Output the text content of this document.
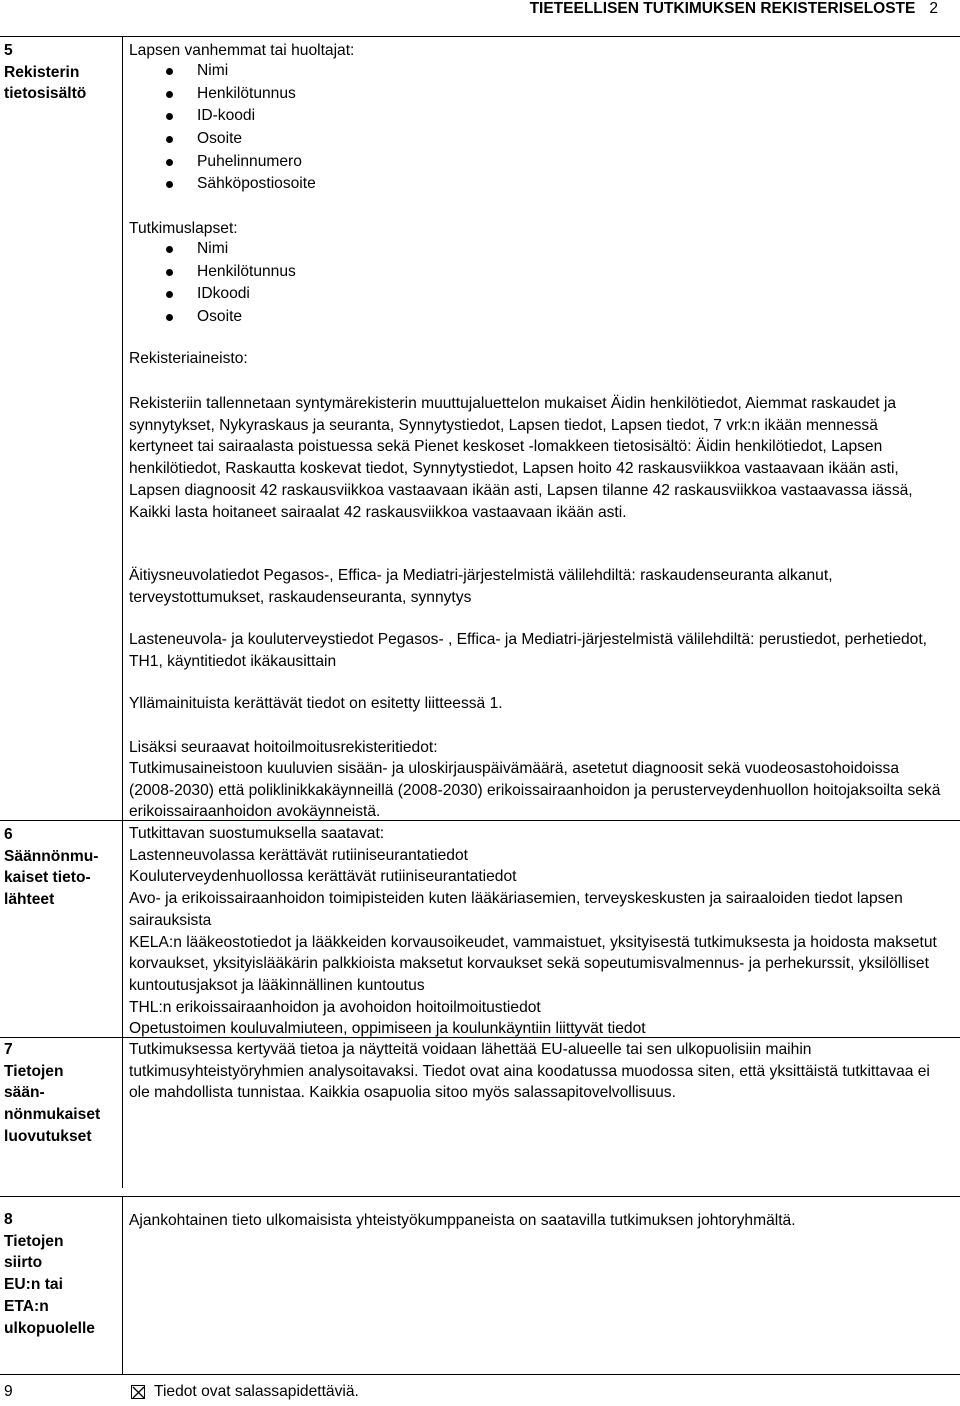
TIETEELLISEN TUTKIMUKSEN REKISTERISELOSTE 2
5
Rekisterin
tietosisältö

Lapsen vanhemmat tai huoltajat:

Nimi
Henkilötunnus
ID-koodi
Osoite
Puhelinnumero
Sähköpostiosoite

Tutkimuslapset:

Nimi
Henkilötunnus
IDkoodi
Osoite

Rekisteriaineisto:

Rekisteriin tallennetaan syntymärekisterin muuttujaluettelon mukaiset Äidin henkilötiedot, Aiemmat raskaudet ja synnytykset, Nykyraskaus ja seuranta, Synnytystiedot, Lapsen tiedot, Lapsen tiedot, 7 vrk:n ikään mennessä kertyneet tai sairaalasta poistuessa sekä Pienet keskoset -lomakkeen tietosisältö: Äidin henkilötiedot, Lapsen henkilötiedot, Raskautta koskevat tiedot, Synnytystiedot, Lapsen hoito 42 raskausviikkoa vastaavaan ikään asti, Lapsen diagnoosit 42 raskausviikkoa vastaavaan ikään asti, Lapsen tilanne 42 raskausviikkoa vastaavassa iässä, Kaikki lasta hoitaneet sairaalat 42 raskausviikkoa vastaavaan ikään asti.

Äitiysneuvolatiedot Pegasos-, Effica- ja Mediatri-järjestelmistä välilehdiltä: raskaudenseuranta alkanut, terveystottumukset, raskaudenseuranta, synnytys

Lasteneuvola- ja kouluterveystiedot Pegasos- , Effica- ja Mediatri-järjestelmistä välilehdiltä: perustiedot, perhetiedot, TH1, käyntitiedot ikäkausittain

Yllämainituista kerättävät tiedot on esitetty liitteessä 1.

Lisäksi seuraavat hoitoilmoitusrekisteritiedot:

Tutkimusaineistoon kuuluvien sisään- ja uloskirjauspäivämäärä, asetetut diagnoosit sekä vuodeosastohoidoissa (2008-2030) että poliklinikkakäynneillä (2008-2030) erikoissairaanhoidon ja perusterveydenhuollon hoitojaksoilta sekä erikoissairaanhoidon avokäynneistä.

6
Säännönmu-
kaiset tieto-
lähteet

Tutkittavan suostumuksella saatavat:

Lastenneuvolassa kerättävät rutiiniseurantatiedot

Kouluterveydenhuollossa kerättävät rutiiniseurantatiedot

Avo- ja erikoissairaanhoidon toimipisteiden kuten lääkäriasemien, terveyskeskusten ja sairaaloiden tiedot lapsen sairauksista

KELA:n lääkeostotiedot ja lääkkeiden korvausoikeudet, vammaistuet, yksityisestä tutkimuksesta ja hoidosta maksetut korvaukset, yksityislääkärin palkkioista maksetut korvaukset sekä sopeutumisvalmennus- ja perhekurssit, yksilölliset kuntoutusjaksot ja lääkinnällinen kuntoutus

THL:n erikoissairaanhoidon ja avohoidon hoitoilmoitustiedot

Opetustoimen kouluvalmiuteen, oppimiseen ja koulunkäyntiin liittyvät tiedot

7
Tietojen
sään-
nönmukaiset
luovutukset

Tutkimuksessa kertyvää tietoa ja näytteitä voidaan lähettää EU-alueelle tai sen ulkopuolisiin maihin tutkimusyhteistyöryhmien analysoitavaksi. Tiedot ovat aina koodatussa muodossa siten, että yksittäistä tutkittavaa ei ole mahdollista tunnistaa. Kaikkia osapuolia sitoo myös salassapitovelvollisuus.

8
Tietojen
siirto
EU:n tai
ETA:n
ulkopuolelle

Ajankohtainen tieto ulkomaisista yhteistyökumppaneista on saatavilla tutkimuksen johtoryhmältä.

9	Tiedot ovat salassapidettäviä.
